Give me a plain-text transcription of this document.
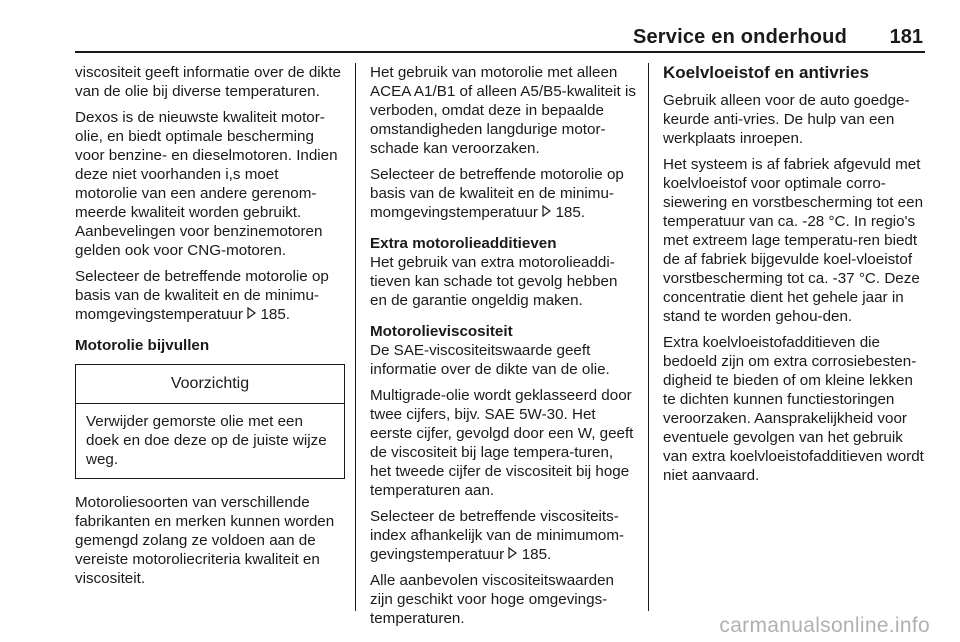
Service en onderhoud 181

viscositeit geeft informatie over de dikte van de olie bij diverse temperaturen.

Dexos is de nieuwste kwaliteit motor-olie, en biedt optimale bescherming voor benzine- en dieselmotoren. Indien deze niet voorhanden i,s moet motorolie van een andere gerenom-meerde kwaliteit worden gebruikt. Aanbevelingen voor benzinemotoren gelden ook voor CNG-motoren.

Selecteer de betreffende motorolie op basis van de kwaliteit en de minimu-momgevingstemperatuur 185.

Motorolie bijvullen

Voorzichtig
Verwijder gemorste olie met een doek en doe deze op de juiste wijze weg.

Motoroliesoorten van verschillende fabrikanten en merken kunnen worden gemengd zolang ze voldoen aan de vereiste motoroliecriteria kwaliteit en viscositeit.

Het gebruik van motorolie met alleen ACEA A1/B1 of alleen A5/B5-kwaliteit is verboden, omdat deze in bepaalde omstandigheden langdurige motor-schade kan veroorzaken.

Selecteer de betreffende motorolie op basis van de kwaliteit en de minimu-momgevingstemperatuur 185.

Extra motorolieadditieven

Het gebruik van extra motorolieaddi-tieven kan schade tot gevolg hebben en de garantie ongeldig maken.

Motorolieviscositeit

De SAE-viscositeitswaarde geeft informatie over de dikte van de olie.

Multigrade-olie wordt geklasseerd door twee cijfers, bijv. SAE 5W-30. Het eerste cijfer, gevolgd door een W, geeft de viscositeit bij lage tempera-turen, het tweede cijfer de viscositeit bij hoge temperaturen aan.

Selecteer de betreffende viscositeits-index afhankelijk van de minimumom-gevingstemperatuur 185.

Alle aanbevolen viscositeitswaarden zijn geschikt voor hoge omgevings-temperaturen.

Koelvloeistof en antivries

Gebruik alleen voor de auto goedge-keurde anti-vries. De hulp van een werkplaats inroepen.

Het systeem is af fabriek afgevuld met koelvloeistof voor optimale corro-siewering en vorstbescherming tot een temperatuur van ca. -28 °C. In regio's met extreem lage temperatu-ren biedt de af fabriek bijgevulde koel-vloeistof vorstbescherming tot ca. -37 °C. Deze concentratie dient het gehele jaar in stand te worden gehou-den.

Extra koelvloeistofadditieven die bedoeld zijn om extra corrosiebesten-digheid te bieden of om kleine lekken te dichten kunnen functiestoringen veroorzaken. Aansprakelijkheid voor eventuele gevolgen van het gebruik van extra koelvloeistofadditieven wordt niet aanvaard.

carmanualsonline.info
